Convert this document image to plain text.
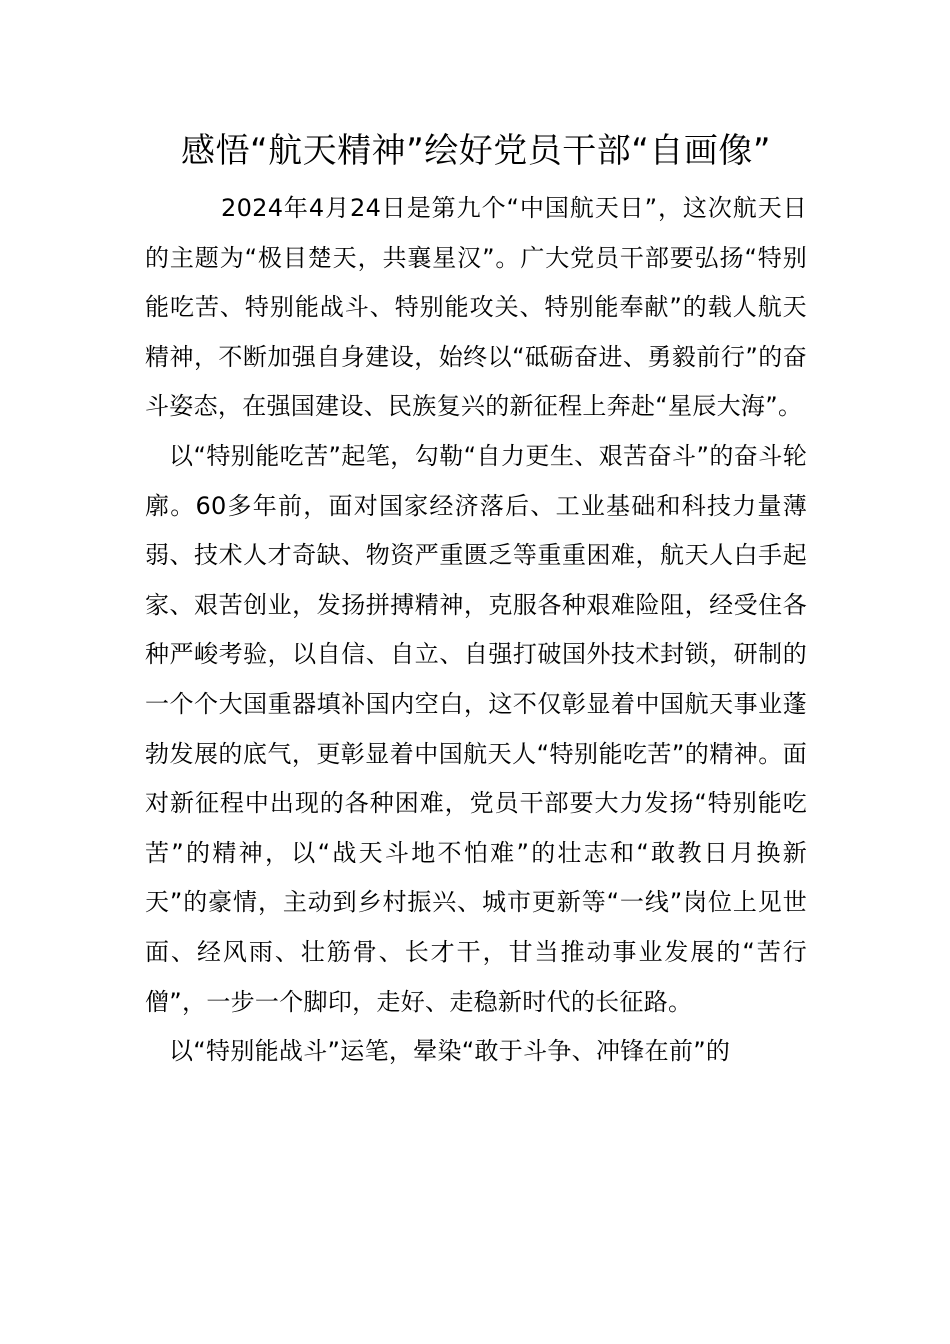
感悟“航天精神”绘好党员干部“自画像”

2024年4月24日是第九个“中国航天日”，这次航天日的主题为“极目楚天，共襄星汉”。广大党员干部要弘扬“特别能吃苦、特别能战斗、特别能攻关、特别能奉献”的载人航天精神，不断加强自身建设，始终以“砥砺奋进、勇毅前行”的奋斗姿态，在强国建设、民族复兴的新征程上奔赴“星辰大海”。

以“特别能吃苦”起笔，勾勒“自力更生、艰苦奋斗”的奋斗轮廓。60多年前，面对国家经济落后、工业基础和科技力量薄弱、技术人才奇缺、物资严重匮乏等重重困难，航天人白手起家、艰苦创业，发扬拼搏精神，克服各种艰难险阻，经受住各种严峻考验，以自信、自立、自强打破国外技术封锁，研制的一个个大国重器填补国内空白，这不仅彰显着中国航天事业蓬勃发展的底气，更彰显着中国航天人“特别能吃苦”的精神。面对新征程中出现的各种困难，党员干部要大力发扬“特别能吃苦”的精神，以“战天斗地不怕难”的壮志和“敢教日月换新天”的豪情，主动到乡村振兴、城市更新等“一线”岗位上见世面、经风雨、壮筋骨、长才干，甘当推动事业发展的“苦行僧”，一步一个脚印，走好、走稳新时代的长征路。

以“特别能战斗”运笔，晕染“敢于斗争、冲锋在前”的
